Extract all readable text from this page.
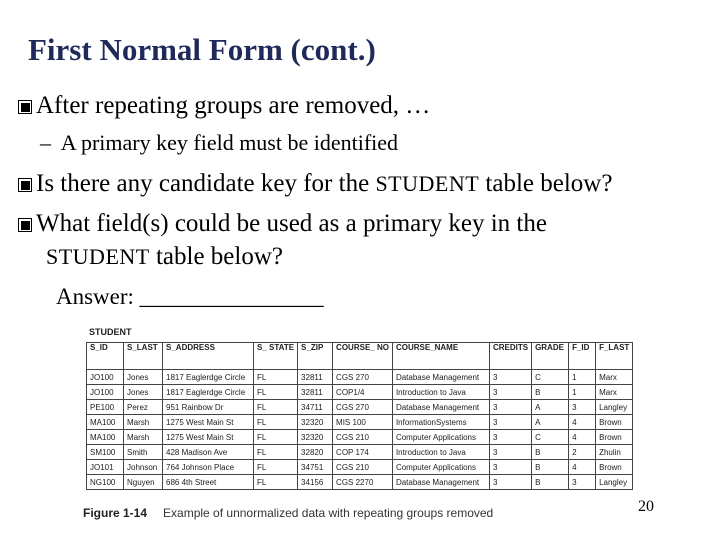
First Normal Form (cont.)
After repeating groups are removed, …
– A primary key field must be identified
Is there any candidate key for the STUDENT table below?
What field(s) could be used as a primary key in the
STUDENT table below?
Answer: ________________
STUDENT
S_ID	S_LAST	S_ADDRESS	S_ STATE	S_ZIP	COURSE_ NO	COURSE_NAME	CREDITS	GRADE	F_ID	F_LAST
JO100	Jones	1817 Eaglerdge Circle	FL	32811	CGS 270	Database Management	3	C	1	Marx
JO100	Jones	1817 Eaglerdge Circle	FL	32811	COP1/4	Introduction to Java	3	B	1	Marx
PE100	Perez	951 Rainbow Dr	FL	34711	CGS 270	Database Management	3	A	3	Langley
MA100	Marsh	1275 West Main St	FL	32320	MIS 100	InformationSystems	3	A	4	Brown
MA100	Marsh	1275 West Main St	FL	32320	CGS 210	Computer Applications	3	C	4	Brown
SM100	Smith	428 Madison Ave	FL	32820	COP 174	Introduction to Java	3	B	2	Zhulin
JO101	Johnson	764 Johnson Place	FL	34751	CGS 210	Computer Applications	3	B	4	Brown
NG100	Nguyen	686 4th Street	FL	34156	CGS 2270	Database Management	3	B	3	Langley
Figure 1-14 Example of unnormalized data with repeating groups removed	20
